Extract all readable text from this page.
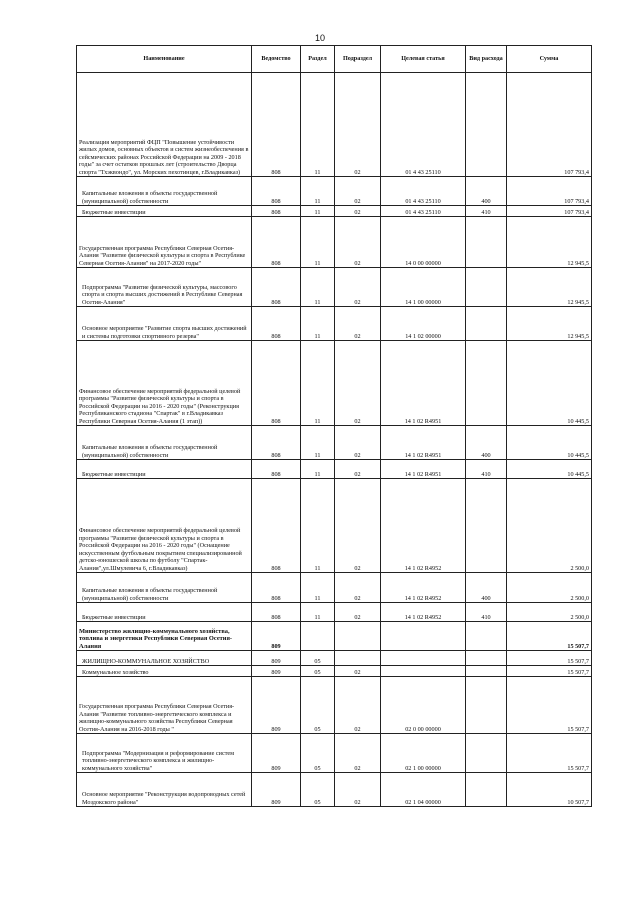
10
Наименование	Ведомство	Раздел	Подраздел	Целевая статья	Вид расхода	Сумма
Реализация мероприятий ФЦП "Повышение устойчивости жилых домов, основных объектов и систем жизнеобеспечения в сейсмических районах Российской Федерации на 2009 - 2018 годы" за счет остатков прошлых лет (строительство Дворца спорта "Тхэквондо", ул. Морских пехотинцев, г.Владикавказ)	808	11	02	01 4 43 25110		107 793,4
Капитальные вложения в объекты государственной (муниципальной) собственности	808	11	02	01 4 43 25110	400	107 793,4
Бюджетные инвестиции	808	11	02	01 4 43 25110	410	107 793,4
Государственная программа Республики Северная Осетия-Алания "Развитие физической культуры и спорта в Республике Северная Осетия-Алания" на 2017-2020 годы"	808	11	02	14 0 00 00000		12 945,5
Подпрограмма "Развитие физической культуры, массового спорта и спорта высших достижений в Республике Северная Осетия-Алания"	808	11	02	14 1 00 00000		12 945,5
Основное мероприятие "Развитие спорта высших достижений и системы подготовки спортивного резерва"	808	11	02	14 1 02 00000		12 945,5
Финансовое обеспечение мероприятий федеральной целевой программы "Развитие физической культуры и спорта в Российской Федерации на 2016 - 2020 годы" (Реконструкция Республиканского стадиона "Спартак" в г.Владикавказ Республики Северная Осетия-Алания (1 этап))	808	11	02	14 1 02 R4951		10 445,5
Капитальные вложения в объекты государственной (муниципальной) собственности	808	11	02	14 1 02 R4951	400	10 445,5
Бюджетные инвестиции	808	11	02	14 1 02 R4951	410	10 445,5
Финансовое обеспечение мероприятий федеральной целевой программы "Развитие физической культуры и спорта в Российской Федерации на 2016 - 2020 годы" (Оснащение искусственным футбольным покрытием специализированной детско-юношеской школы по футболу "Спартак-Алания",ул.Шмулевича 6, г.Владикавказ)	808	11	02	14 1 02 R4952		2 500,0
Капитальные вложения в объекты государственной (муниципальной) собственности	808	11	02	14 1 02 R4952	400	2 500,0
Бюджетные инвестиции	808	11	02	14 1 02 R4952	410	2 500,0
Министерство жилищно-коммунального хозяйства, топлива и энергетики Республики Северная Осетия-Алания	809					15 507,7
ЖИЛИЩНО-КОММУНАЛЬНОЕ ХОЗЯЙСТВО	809	05				15 507,7
Коммунальное хозяйство	809	05	02			15 507,7
Государственная программа Республики Северная Осетия-Алания "Развитие топливно-энергетического комплекса и жилищно-коммунального хозяйства Республики Северная Осетия-Алания на 2016-2018 годы "	809	05	02	02 0 00 00000		15 507,7
Подпрограмма "Модернизация и реформирование систем топливно-энергетического комплекса и жилищно-коммунального хозяйства"	809	05	02	02 1 00 00000		15 507,7
Основное мероприятие "Реконструкция водопроводных сетей Моздокского района"	809	05	02	02 1 04 00000		10 507,7
